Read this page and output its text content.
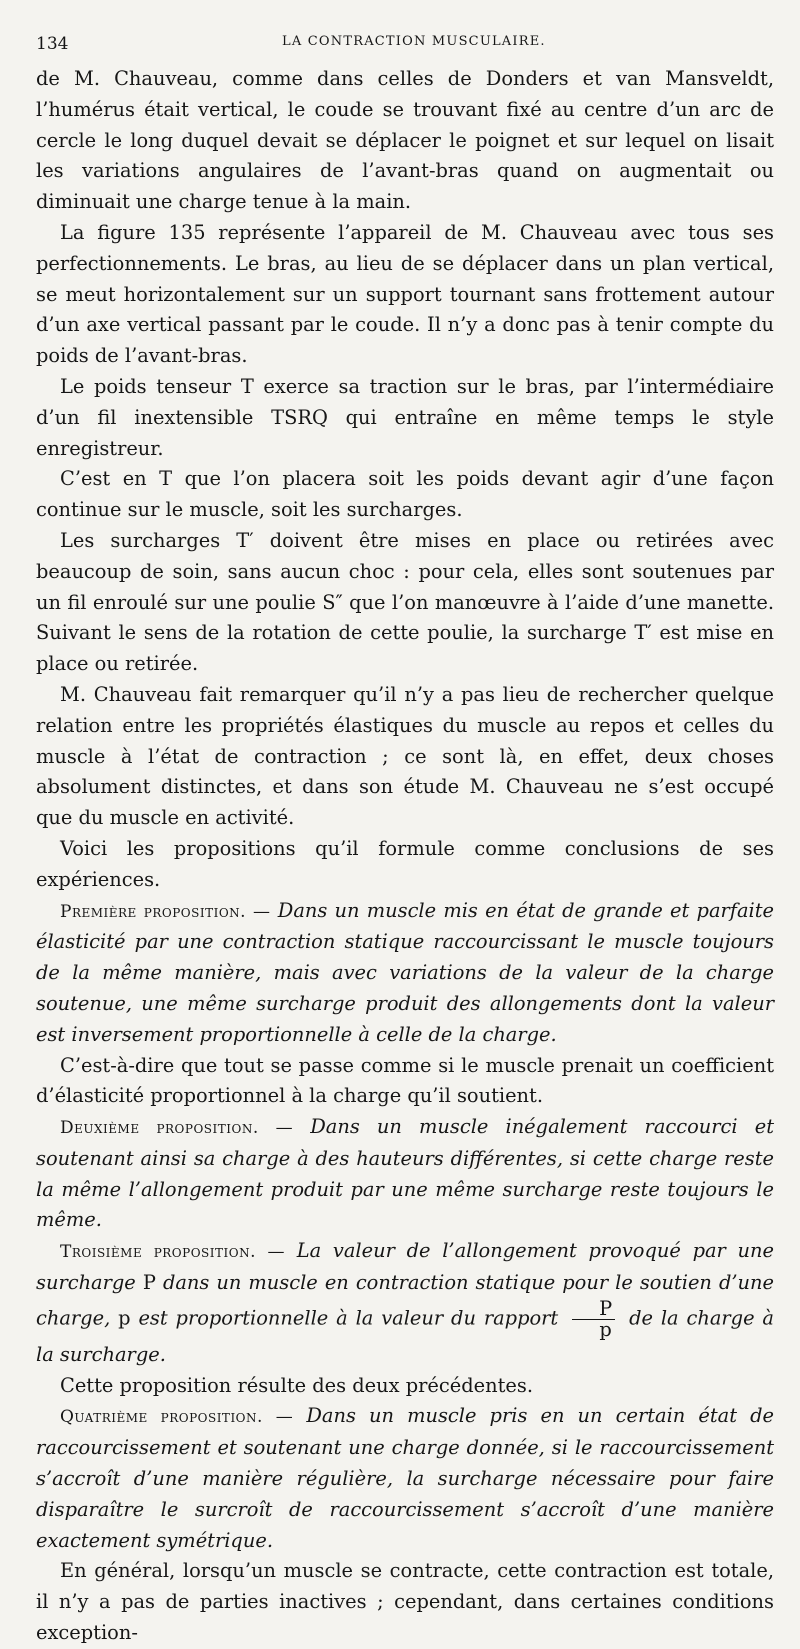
134	LA CONTRACTION MUSCULAIRE.

de M. Chauveau, comme dans celles de Donders et van Mansveldt, l’humérus était vertical, le coude se trouvant fixé au centre d’un arc de cercle le long duquel devait se déplacer le poignet et sur lequel on lisait les variations angulaires de l’avant-bras quand on augmentait ou diminuait une charge tenue à la main.

La figure 135 représente l’appareil de M. Chauveau avec tous ses perfectionnements. Le bras, au lieu de se déplacer dans un plan vertical, se meut horizontalement sur un support tournant sans frottement autour d’un axe vertical passant par le coude. Il n’y a donc pas à tenir compte du poids de l’avant-bras.

Le poids tenseur T exerce sa traction sur le bras, par l’intermédiaire d’un fil inextensible TSRQ qui entraîne en même temps le style enregistreur.

C’est en T que l’on placera soit les poids devant agir d’une façon continue sur le muscle, soit les surcharges.

Les surcharges T′ doivent être mises en place ou retirées avec beaucoup de soin, sans aucun choc : pour cela, elles sont soutenues par un fil enroulé sur une poulie S″ que l’on manœuvre à l’aide d’une manette. Suivant le sens de la rotation de cette poulie, la surcharge T′ est mise en place ou retirée.

M. Chauveau fait remarquer qu’il n’y a pas lieu de rechercher quelque relation entre les propriétés élastiques du muscle au repos et celles du muscle à l’état de contraction ; ce sont là, en effet, deux choses absolument distinctes, et dans son étude M. Chauveau ne s’est occupé que du muscle en activité.

Voici les propositions qu’il formule comme conclusions de ses expériences.

Première proposition. — Dans un muscle mis en état de grande et parfaite élasticité par une contraction statique raccourcissant le muscle toujours de la même manière, mais avec variations de la valeur de la charge soutenue, une même surcharge produit des allongements dont la valeur est inversement proportionnelle à celle de la charge.

C’est-à-dire que tout se passe comme si le muscle prenait un coefficient d’élasticité proportionnel à la charge qu’il soutient.

Deuxième proposition. — Dans un muscle inégalement raccourci et soutenant ainsi sa charge à des hauteurs différentes, si cette charge reste la même l’allongement produit par une même surcharge reste toujours le même.

Troisième proposition. — La valeur de l’allongement provoqué par une surcharge P dans un muscle en contraction statique pour le soutien d’une charge, p est proportionnelle à la valeur du rapport $\frac{P}{p}$ de la charge à la surcharge.

Cette proposition résulte des deux précédentes.

Quatrième proposition. — Dans un muscle pris en un certain état de raccourcissement et soutenant une charge donnée, si le raccourcissement s’accroît d’une manière régulière, la surcharge nécessaire pour faire disparaître le surcroît de raccourcissement s’accroît d’une manière exactement symétrique.

En général, lorsqu’un muscle se contracte, cette contraction est totale, il n’y a pas de parties inactives ; cependant, dans certaines conditions exception-
